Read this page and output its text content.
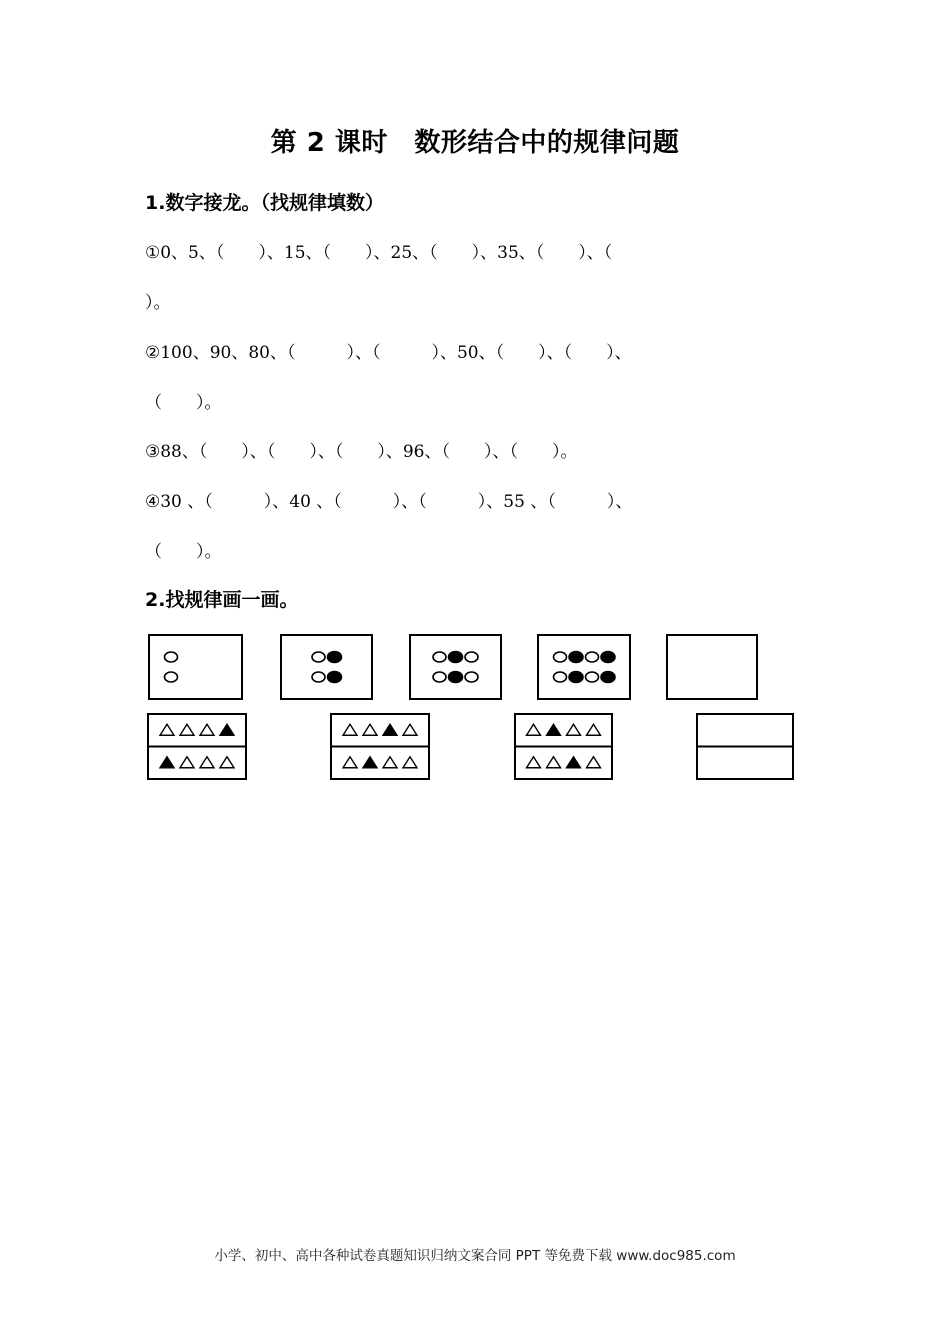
第 2 课时　数形结合中的规律问题
1.数字接龙。（找规律填数）
①0、5、（　　）、15、（　　）、25、（　　）、35、（　　）、（
）。
②100、90、80、（　　　）、（　　　）、50、（　　）、（　　）、
（　　）。
③88、（　　）、（　　）、（　　）、96、（　　）、（　　）。
④30 、（　　　）、40 、（　　　）、（　　　）、55 、（　　　）、
（　　）。
2.找规律画一画。
小学、初中、高中各种试卷真题知识归纳文案合同 PPT 等免费下载 www.doc985.com
